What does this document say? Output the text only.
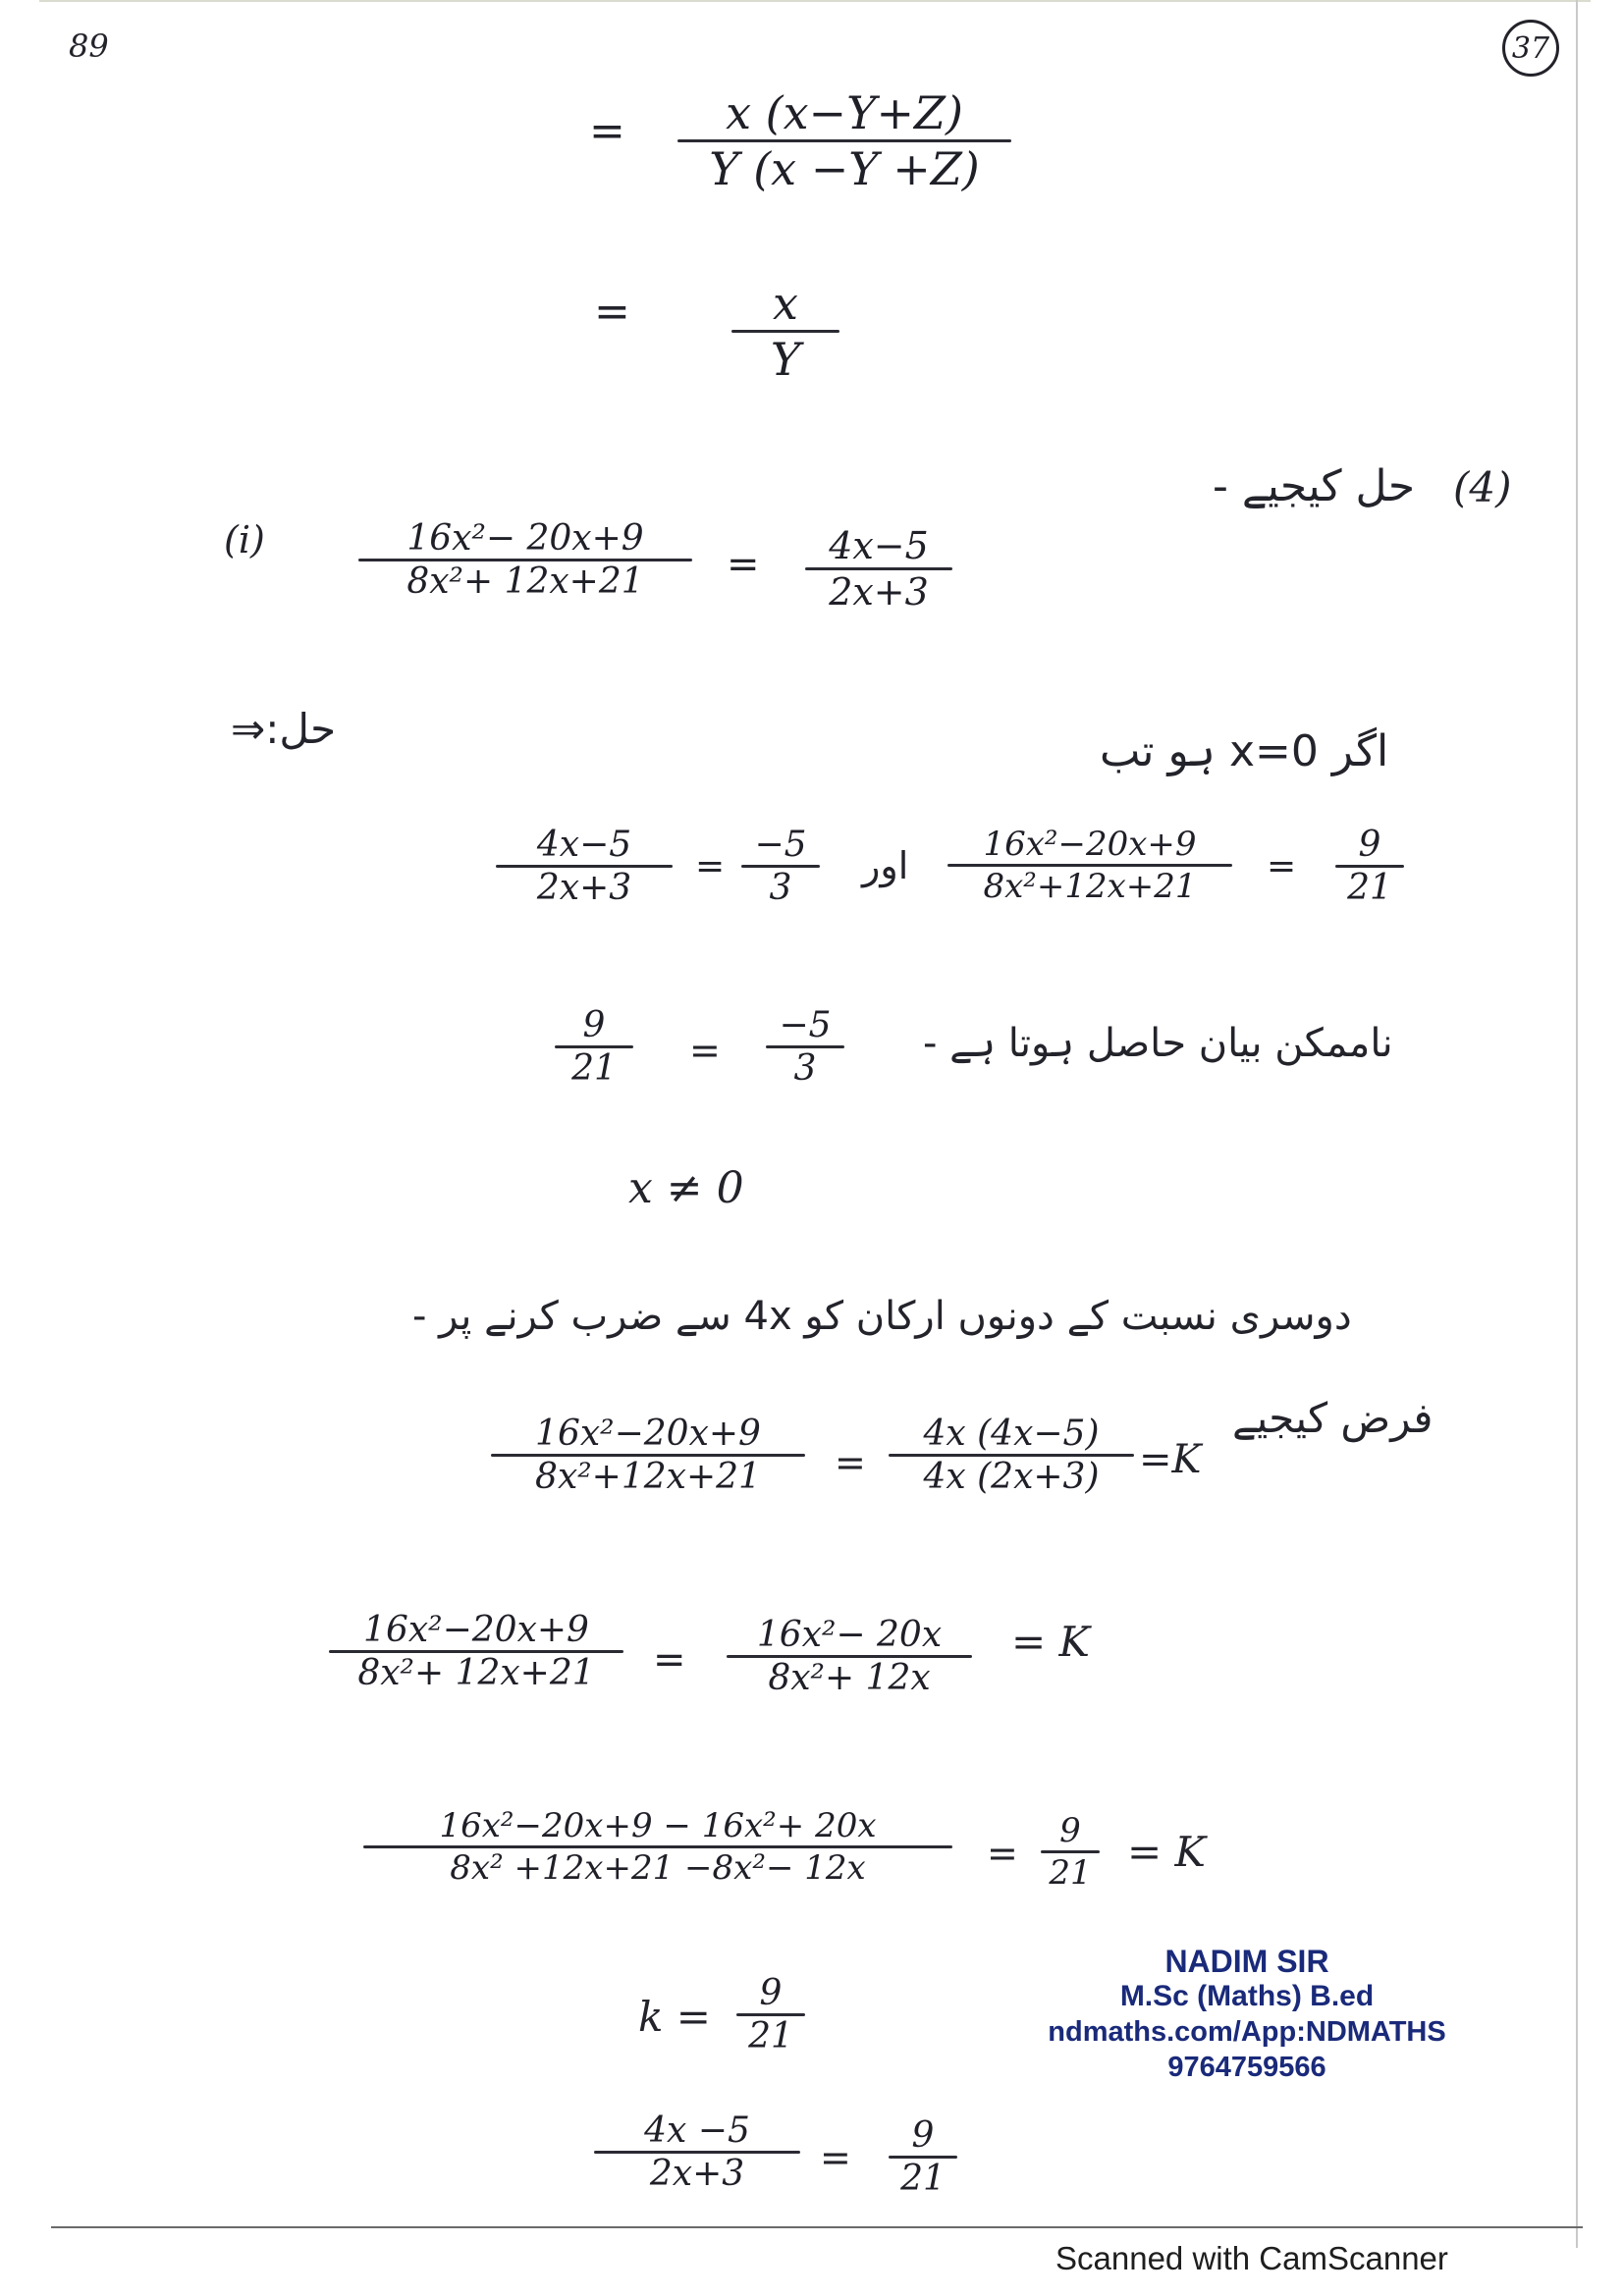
89	37
= x (x−Y+Z)
Y (x −Y +Z)
=	x
Y
(4)
حل کیجیے -
(i)	16x²− 20x+9
8x²+ 12x+21 = 4x−5
2x+3
حل:⇒	اگر x=0 ہو تب
4x−5
2x+3
=
−5
3
اور 16x²−20x+9
8x²+12x+21 =
9
21
9
21 =
−5
3
ناممکن بیان حاصل ہوتا ہے -
x ≠ 0
دوسری نسبت کے دونوں ارکان کو 4x سے ضرب کرنے پر -
فرض کیجیے
16x²−20x+9
8x²+12x+21 =
4x (4x−5)
4x (2x+3) =K
16x²−20x+9
8x²+ 12x+21 =
16x²− 20x
8x²+ 12x
= K
16x²−20x+9 − 16x²+ 20x
8x² +12x+21 −8x²− 12x	=
9
21 = K
k = 9
21
4x −5
2x+3 =
9
21
NADIM SIR
M.Sc (Maths) B.ed
ndmaths.com/App:NDMATHS
9764759566
Scanned with CamScanner
